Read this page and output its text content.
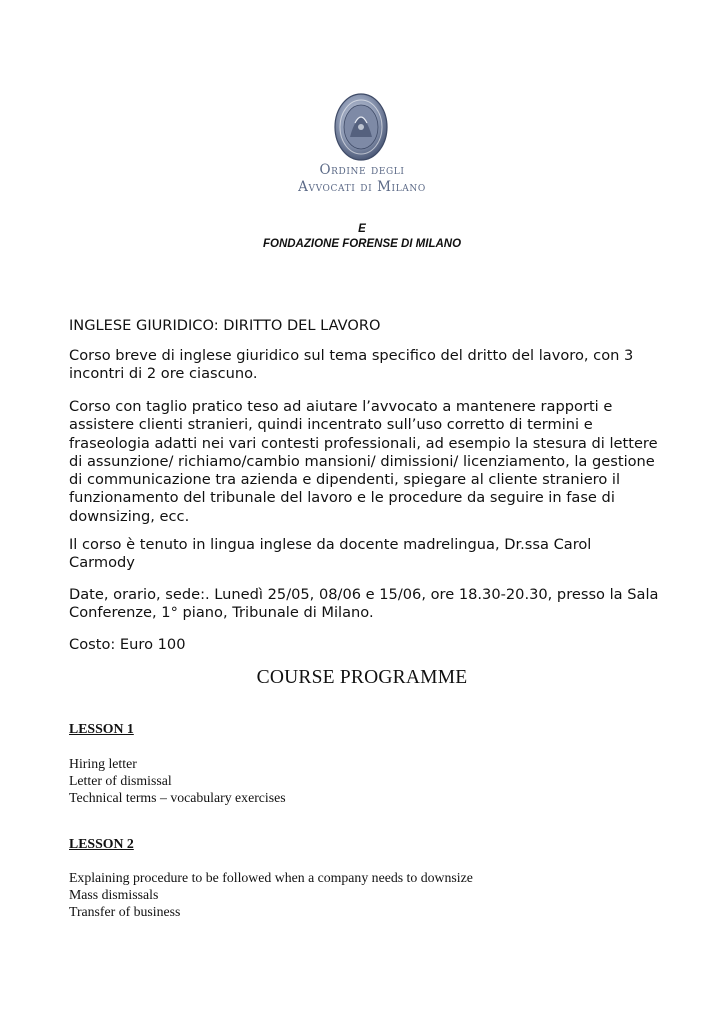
Ordine degli
Avvocati di Milano
E
FONDAZIONE FORENSE DI MILANO
INGLESE GIURIDICO: DIRITTO DEL LAVORO
Corso breve di inglese giuridico sul tema specifico del dritto del lavoro, con 3 incontri di 2 ore ciascuno.
Corso con taglio pratico teso ad aiutare l’avvocato a mantenere rapporti e assistere clienti stranieri, quindi incentrato sull’uso corretto di termini e fraseologia adatti nei vari contesti professionali, ad esempio la stesura di lettere di assunzione/ richiamo/cambio mansioni/ dimissioni/ licenziamento, la gestione di communicazione tra azienda e dipendenti, spiegare al cliente straniero il funzionamento del tribunale del lavoro e le procedure da seguire in fase di downsizing, ecc.
Il corso è tenuto in lingua inglese da docente madrelingua, Dr.ssa Carol Carmody
Date, orario, sede:. Lunedì 25/05, 08/06 e 15/06, ore 18.30-20.30, presso la Sala Conferenze, 1° piano, Tribunale di Milano.
Costo: Euro 100
COURSE PROGRAMME
LESSON 1
Hiring letter
Letter of dismissal
Technical terms – vocabulary exercises
LESSON 2
Explaining procedure to be followed when a company needs to downsize
Mass dismissals
Transfer of business
